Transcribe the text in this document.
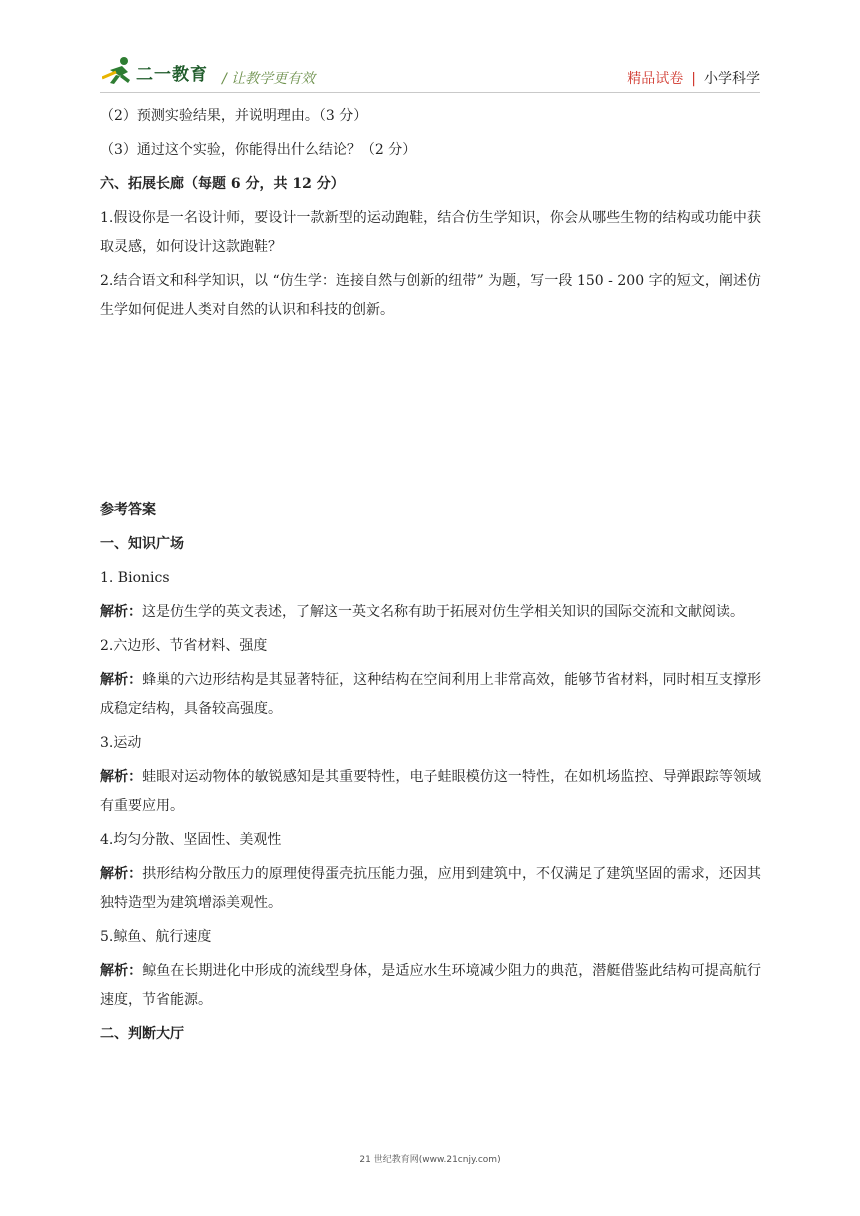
二一教育 / 让教学更有效	精品试卷 | 小学科学

（2）预测实验结果，并说明理由。（3 分）

（3）通过这个实验，你能得出什么结论？（2 分）

六、拓展长廊（每题 6 分，共 12 分）

1.假设你是一名设计师，要设计一款新型的运动跑鞋，结合仿生学知识，你会从哪些生物的结构或功能中获取灵感，如何设计这款跑鞋？

2.结合语文和科学知识，以 “仿生学：连接自然与创新的纽带” 为题，写一段 150 - 200 字的短文，阐述仿生学如何促进人类对自然的认识和科技的创新。

参考答案

一、知识广场

1. Bionics

解析：这是仿生学的英文表述，了解这一英文名称有助于拓展对仿生学相关知识的国际交流和文献阅读。

2.六边形、节省材料、强度

解析：蜂巢的六边形结构是其显著特征，这种结构在空间利用上非常高效，能够节省材料，同时相互支撑形成稳定结构，具备较高强度。

3.运动

解析：蛙眼对运动物体的敏锐感知是其重要特性，电子蛙眼模仿这一特性，在如机场监控、导弹跟踪等领域有重要应用。

4.均匀分散、坚固性、美观性

解析：拱形结构分散压力的原理使得蛋壳抗压能力强，应用到建筑中，不仅满足了建筑坚固的需求，还因其独特造型为建筑增添美观性。

5.鲸鱼、航行速度

解析：鲸鱼在长期进化中形成的流线型身体，是适应水生环境减少阻力的典范，潜艇借鉴此结构可提高航行速度，节省能源。

二、判断大厅

21 世纪教育网(www.21cnjy.com)
